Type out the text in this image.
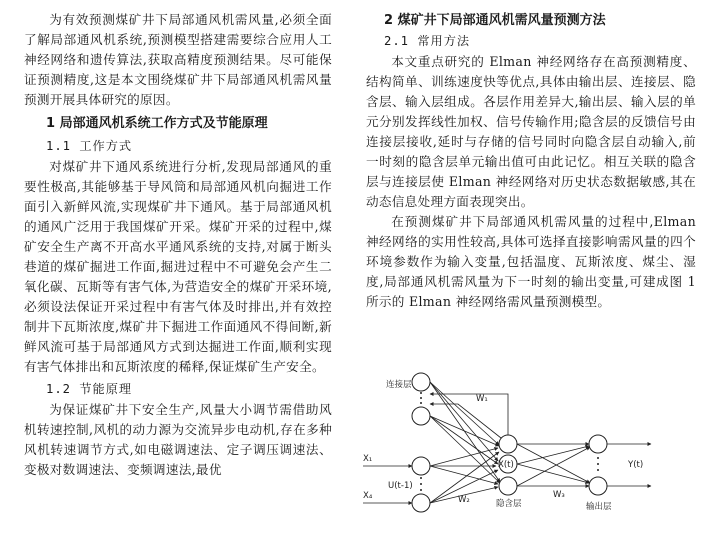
为有效预测煤矿井下局部通风机需风量,必须全面了解局部通风机系统,预测模型搭建需要综合应用人工神经网络和遗传算法,获取高精度预测结果。尽可能保证预测精度,这是本文围绕煤矿井下局部通风机需风量预测开展具体研究的原因。

1 局部通风机系统工作方式及节能原理
1.1 工作方式

对煤矿井下通风系统进行分析,发现局部通风的重要性极高,其能够基于导风筒和局部通风机向掘进工作面引入新鲜风流,实现煤矿井下通风。基于局部通风机的通风广泛用于我国煤矿开采。煤矿开采的过程中,煤矿安全生产离不开高水平通风系统的支持,对属于断头巷道的煤矿掘进工作面,掘进过程中不可避免会产生二氧化碳、瓦斯等有害气体,为营造安全的煤矿开采环境,必须设法保证开采过程中有害气体及时排出,并有效控制井下瓦斯浓度,煤矿井下掘进工作面通风不得间断,新鲜风流可基于局部通风方式到达掘进工作面,顺利实现有害气体排出和瓦斯浓度的稀释,保证煤矿生产安全。

1.2 节能原理

为保证煤矿井下安全生产,风量大小调节需借助风机转速控制,风机的动力源为交流异步电动机,存在多种风机转速调节方式,如电磁调速法、定子调压调速法、变极对数调速法、变频调速法,最优

2 煤矿井下局部通风机需风量预测方法
2.1 常用方法

本文重点研究的 Elman 神经网络存在高预测精度、结构简单、训练速度快等优点,具体由输出层、连接层、隐含层、输入层组成。各层作用差异大,输出层、输入层的单元分别发挥线性加权、信号传输作用;隐含层的反馈信号由连接层接收,延时与存储的信号同时向隐含层自动输入,前一时刻的隐含层单元输出值可由此记忆。相互关联的隐含层与连接层使 Elman 神经网络对历史状态数据敏感,其在动态信息处理方面表现突出。

在预测煤矿井下局部通风机需风量的过程中,Elman 神经网络的实用性较高,具体可选择直接影响需风量的四个环境参数作为输入变量,包括温度、瓦斯浓度、煤尘、湿度,局部通风机需风量为下一时刻的输出变量,可建成图 1 所示的 Elman 神经网络需风量预测模型。

连接层
W₁
X₁
X₄
U(t-1)
X(t)	Y(t)
W₂	隐含层
W₃
输出层
